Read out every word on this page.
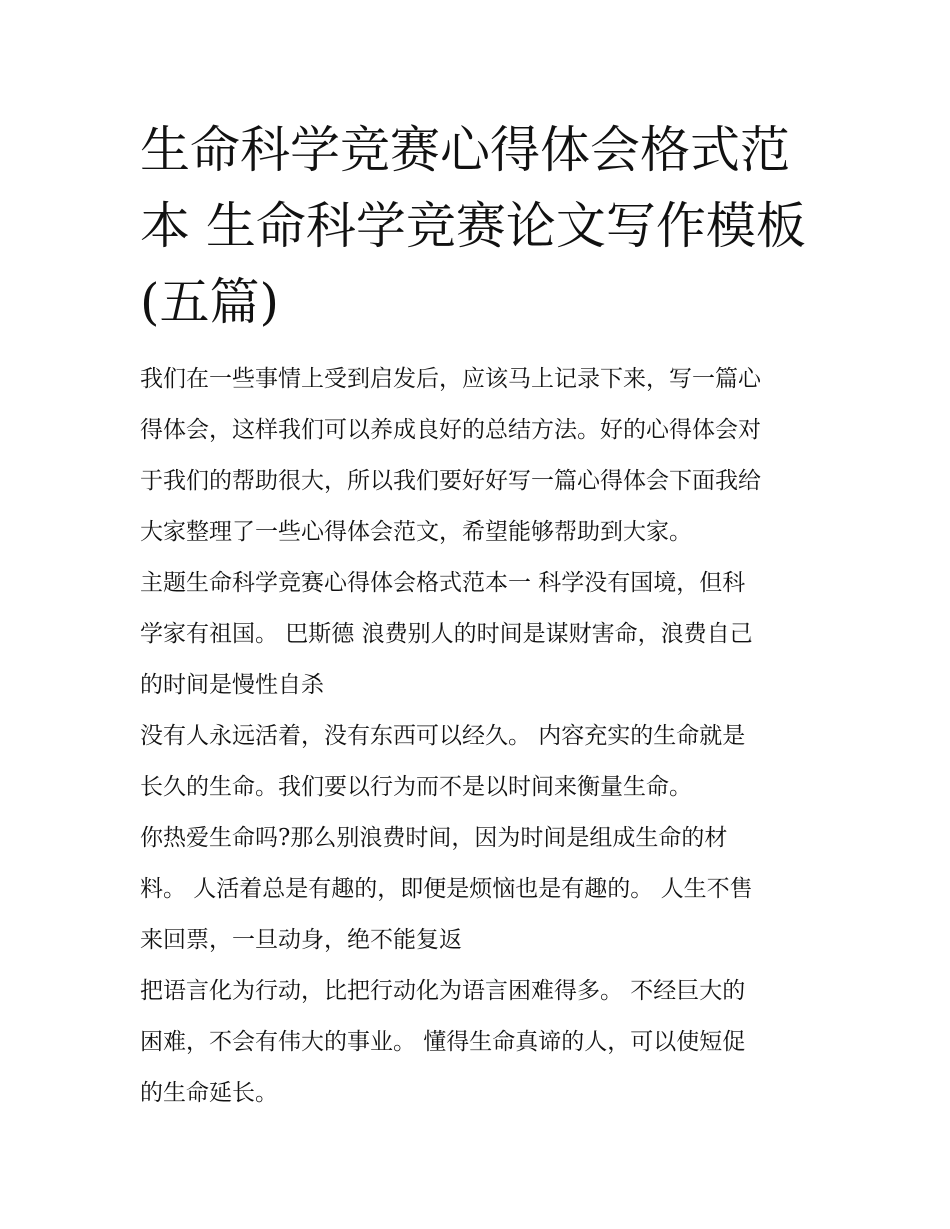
生命科学竞赛心得体会格式范
本 生命科学竞赛论文写作模板
(五篇)

我们在一些事情上受到启发后，应该马上记录下来，写一篇心
得体会，这样我们可以养成良好的总结方法。好的心得体会对
于我们的帮助很大，所以我们要好好写一篇心得体会下面我给
大家整理了一些心得体会范文，希望能够帮助到大家。

主题生命科学竞赛心得体会格式范本一 科学没有国境，但科
学家有祖国。 巴斯德 浪费别人的时间是谋财害命，浪费自己
的时间是慢性自杀

没有人永远活着，没有东西可以经久。 内容充实的生命就是
长久的生命。我们要以行为而不是以时间来衡量生命。

你热爱生命吗?那么别浪费时间，因为时间是组成生命的材
料。 人活着总是有趣的，即便是烦恼也是有趣的。 人生不售
来回票，一旦动身，绝不能复返

把语言化为行动，比把行动化为语言困难得多。 不经巨大的
困难，不会有伟大的事业。 懂得生命真谛的人，可以使短促
的生命延长。
